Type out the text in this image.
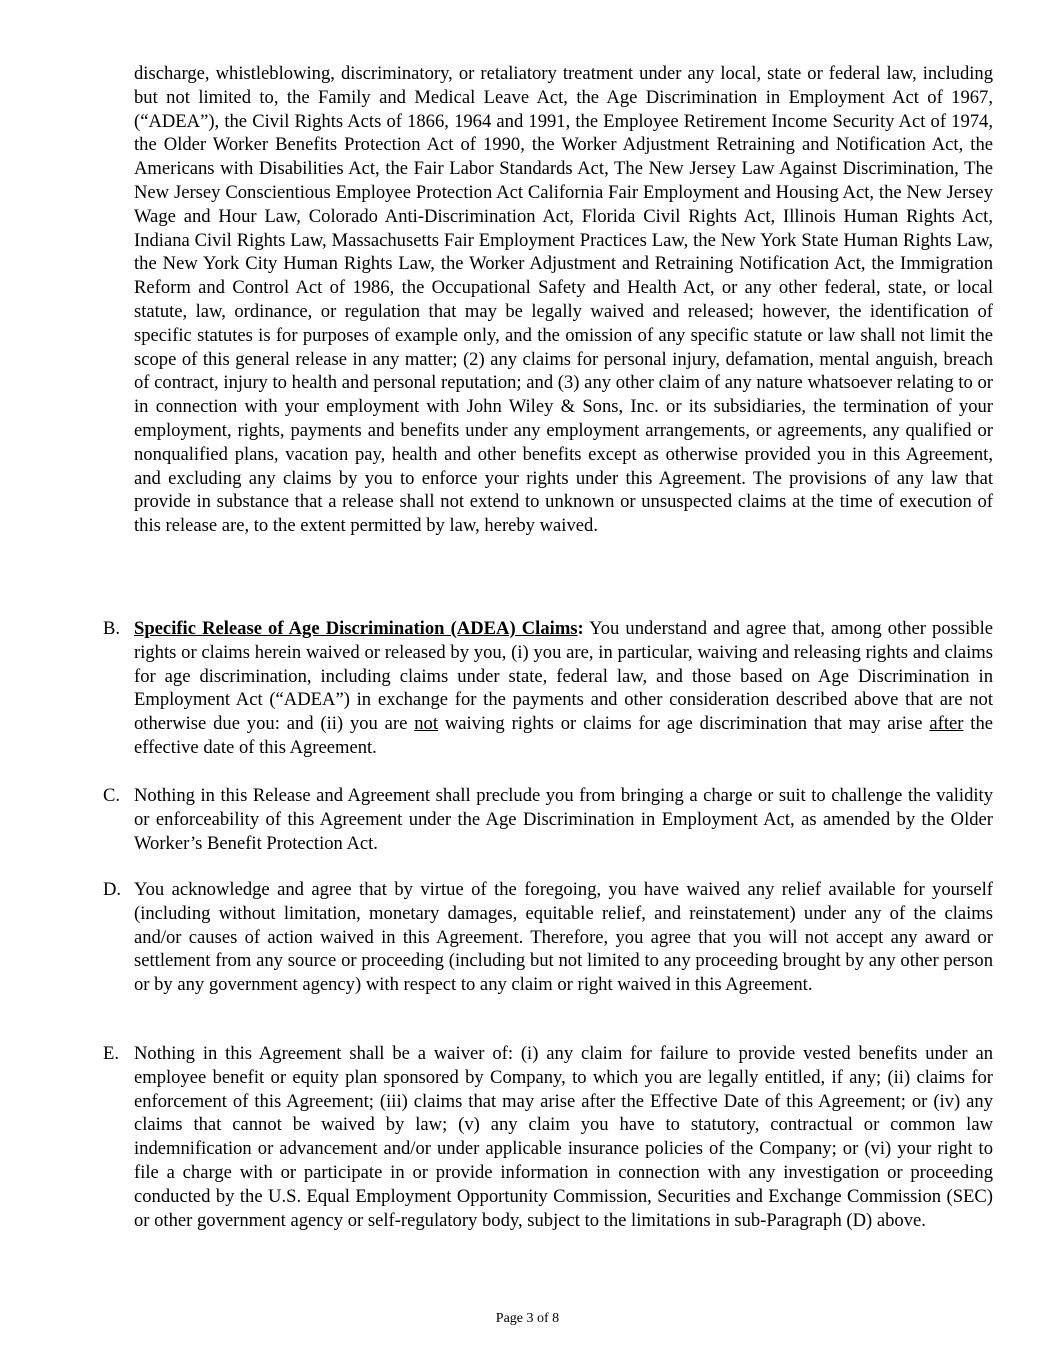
discharge, whistleblowing, discriminatory, or retaliatory treatment under any local, state or federal law, including but not limited to, the Family and Medical Leave Act, the Age Discrimination in Employment Act of 1967, (“ADEA”), the Civil Rights Acts of 1866, 1964 and 1991, the Employee Retirement Income Security Act of 1974, the Older Worker Benefits Protection Act of 1990, the Worker Adjustment Retraining and Notification Act, the Americans with Disabilities Act, the Fair Labor Standards Act, The New Jersey Law Against Discrimination, The New Jersey Conscientious Employee Protection Act California Fair Employment and Housing Act, the New Jersey Wage and Hour Law, Colorado Anti-Discrimination Act, Florida Civil Rights Act, Illinois Human Rights Act, Indiana Civil Rights Law, Massachusetts Fair Employment Practices Law, the New York State Human Rights Law, the New York City Human Rights Law, the Worker Adjustment and Retraining Notification Act, the Immigration Reform and Control Act of 1986, the Occupational Safety and Health Act, or any other federal, state, or local statute, law, ordinance, or regulation that may be legally waived and released; however, the identification of specific statutes is for purposes of example only, and the omission of any specific statute or law shall not limit the scope of this general release in any matter; (2) any claims for personal injury, defamation, mental anguish, breach of contract, injury to health and personal reputation; and (3) any other claim of any nature whatsoever relating to or in connection with your employment with John Wiley & Sons, Inc. or its subsidiaries, the termination of your employment, rights, payments and benefits under any employment arrangements, or agreements, any qualified or nonqualified plans, vacation pay, health and other benefits except as otherwise provided you in this Agreement, and excluding any claims by you to enforce your rights under this Agreement. The provisions of any law that provide in substance that a release shall not extend to unknown or unsuspected claims at the time of execution of this release are, to the extent permitted by law, hereby waived.

B. Specific Release of Age Discrimination (ADEA) Claims: You understand and agree that, among other possible rights or claims herein waived or released by you, (i) you are, in particular, waiving and releasing rights and claims for age discrimination, including claims under state, federal law, and those based on Age Discrimination in Employment Act (“ADEA”) in exchange for the payments and other consideration described above that are not otherwise due you: and (ii) you are not waiving rights or claims for age discrimination that may arise after the effective date of this Agreement.

C. Nothing in this Release and Agreement shall preclude you from bringing a charge or suit to challenge the validity or enforceability of this Agreement under the Age Discrimination in Employment Act, as amended by the Older Worker’s Benefit Protection Act.

D. You acknowledge and agree that by virtue of the foregoing, you have waived any relief available for yourself (including without limitation, monetary damages, equitable relief, and reinstatement) under any of the claims and/or causes of action waived in this Agreement. Therefore, you agree that you will not accept any award or settlement from any source or proceeding (including but not limited to any proceeding brought by any other person or by any government agency) with respect to any claim or right waived in this Agreement.

E. Nothing in this Agreement shall be a waiver of: (i) any claim for failure to provide vested benefits under an employee benefit or equity plan sponsored by Company, to which you are legally entitled, if any; (ii) claims for enforcement of this Agreement; (iii) claims that may arise after the Effective Date of this Agreement; or (iv) any claims that cannot be waived by law; (v) any claim you have to statutory, contractual or common law indemnification or advancement and/or under applicable insurance policies of the Company; or (vi) your right to file a charge with or participate in or provide information in connection with any investigation or proceeding conducted by the U.S. Equal Employment Opportunity Commission, Securities and Exchange Commission (SEC) or other government agency or self-regulatory body, subject to the limitations in sub-Paragraph (D) above.

Page 3 of 8
